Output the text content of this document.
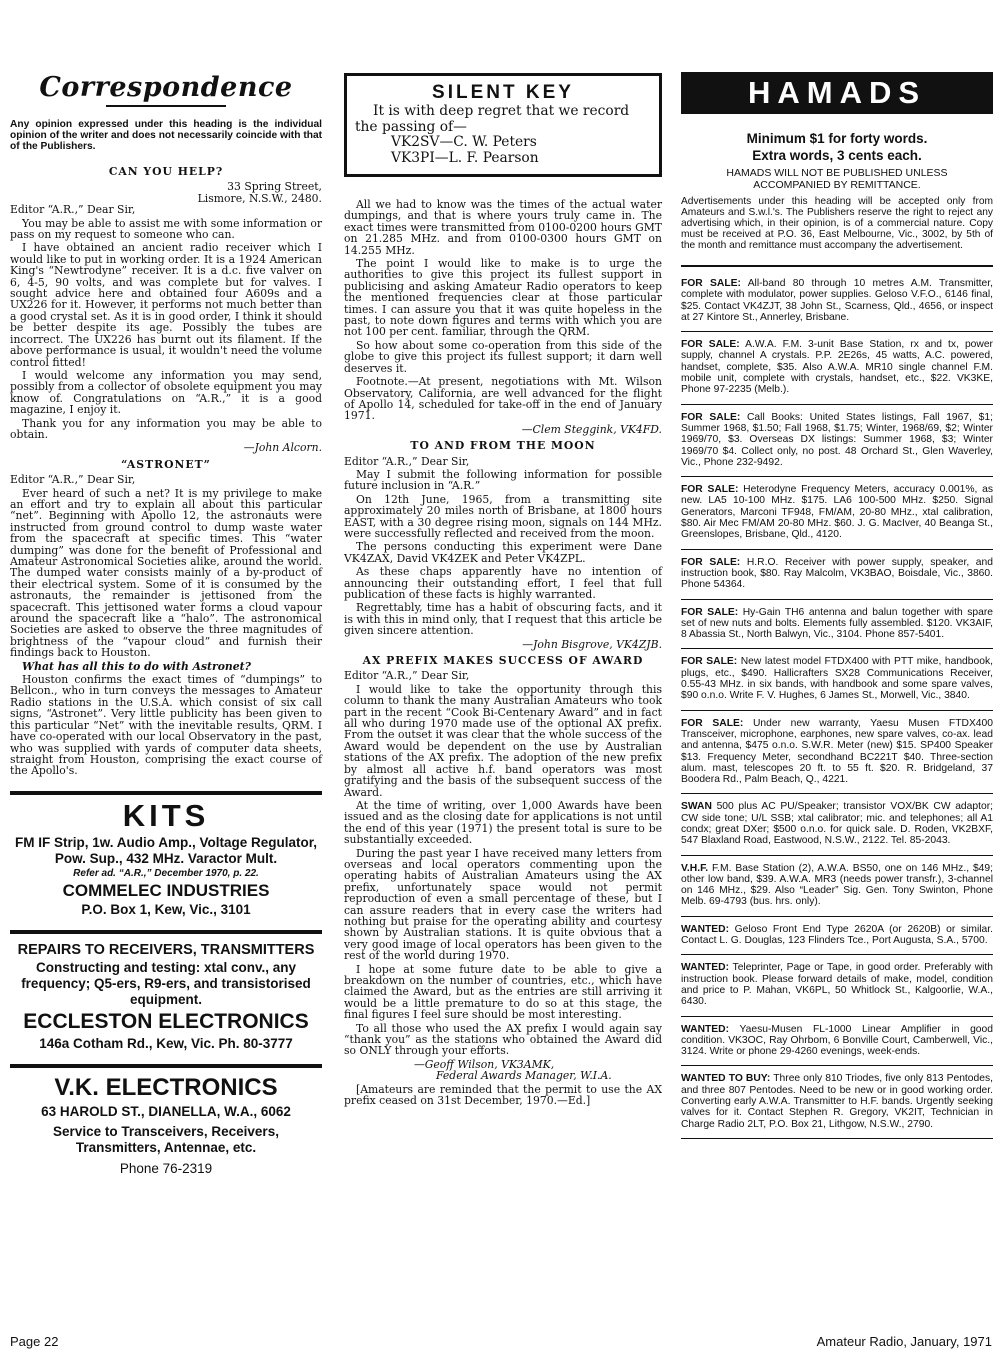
Correspondence
Any opinion expressed under this heading is the individual opinion of the writer and does not necessarily coincide with that of the Publishers.
CAN YOU HELP?
33 Spring Street,
Lismore, N.S.W., 2480.

Editor “A.R.,” Dear Sir,

You may be able to assist me with some information or pass on my request to someone who can.

I have obtained an ancient radio receiver which I would like to put in working order. It is a 1924 American King's “Newtrodyne” receiver. It is a d.c. five valver on 6, 4-5, 90 volts, and was complete but for valves. I sought advice here and obtained four A609s and a UX226 for it. However, it performs not much better than a good crystal set. As it is in good order, I think it should be better despite its age. Possibly the tubes are incorrect. The UX226 has burnt out its filament. If the above performance is usual, it wouldn't need the volume control fitted!

I would welcome any information you may send, possibly from a collector of obsolete equipment you may know of. Congratulations on “A.R.,” it is a good magazine, I enjoy it.

Thank you for any information you may be able to obtain.

—John Alcorn.
“ASTRONET”

Editor “A.R.,” Dear Sir,

Ever heard of such a net? It is my privilege to make an effort and try to explain all about this particular “net”. Beginning with Apollo 12, the astronauts were instructed from ground control to dump waste water from the spacecraft at specific times. This “water dumping” was done for the benefit of Professional and Amateur Astronomical Societies alike, around the world. The dumped water consists mainly of a by-product of their electrical system. Some of it is consumed by the astronauts, the remainder is jettisoned from the spacecraft. This jettisoned water forms a cloud vapour around the spacecraft like a “halo”. The astronomical Societies are asked to observe the three magnitudes of brightness of the “vapour cloud” and furnish their findings back to Houston.

What has all this to do with Astronet?

Houston confirms the exact times of “dumpings” to Bellcon., who in turn conveys the messages to Amateur Radio stations in the U.S.A. which consist of six call signs, “Astronet”. Very little publicity has been given to this particular “Net” with the inevitable results, QRM. I have co-operated with our local Observatory in the past, who was supplied with yards of computer data sheets, straight from Houston, comprising the exact course of the Apollo's.

KITS
FM IF Strip, 1w. Audio Amp., Voltage Regulator, Pow. Sup., 432 MHz. Varactor Mult.
Refer ad. “A.R.,” December 1970, p. 22.
COMMELEC INDUSTRIES
P.O. Box 1, Kew, Vic., 3101
REPAIRS TO RECEIVERS, TRANSMITTERS
Constructing and testing: xtal conv., any frequency; Q5-ers, R9-ers, and transistorised equipment.
ECCLESTON ELECTRONICS
146a Cotham Rd., Kew, Vic. Ph. 80-3777
V.K. ELECTRONICS
63 HAROLD ST., DIANELLA, W.A., 6062
Service to Transceivers, Receivers, Transmitters, Antennae, etc.
Phone 76-2319
SILENT KEY
It is with deep regret that we record the passing of—
VK2SV—C. W. Peters
VK3PI—L. F. Pearson

All we had to know was the times of the actual water dumpings, and that is where yours truly came in. The exact times were transmitted from 0100-0200 hours GMT on 21.285 MHz. and from 0100-0300 hours GMT on 14.255 MHz.

The point I would like to make is to urge the authorities to give this project its fullest support in publicising and asking Amateur Radio operators to keep the mentioned frequencies clear at those particular times. I can assure you that it was quite hopeless in the past, to note down figures and terms with which you are not 100 per cent. familiar, through the QRM.

So how about some co-operation from this side of the globe to give this project its fullest support; it darn well deserves it.

Footnote.—At present, negotiations with Mt. Wilson Observatory, California, are well advanced for the flight of Apollo 14, scheduled for take-off in the end of January 1971.

—Clem Steggink, VK4FD.
TO AND FROM THE MOON

Editor “A.R.,” Dear Sir,

May I submit the following information for possible future inclusion in “A.R.”

On 12th June, 1965, from a transmitting site approximately 20 miles north of Brisbane, at 1800 hours EAST, with a 30 degree rising moon, signals on 144 MHz. were successfully reflected and received from the moon.

The persons conducting this experiment were Dane VK4ZAX, David VK4ZEK and Peter VK4ZPL.

As these chaps apparently have no intention of announcing their outstanding effort, I feel that full publication of these facts is highly warranted.

Regrettably, time has a habit of obscuring facts, and it is with this in mind only, that I request that this article be given sincere attention.

—John Bisgrove, VK4ZJB.
AX PREFIX MAKES SUCCESS OF AWARD

Editor “A.R.,” Dear Sir,

I would like to take the opportunity through this column to thank the many Australian Amateurs who took part in the recent “Cook Bi-Centenary Award” and in fact all who during 1970 made use of the optional AX prefix. From the outset it was clear that the whole success of the Award would be dependent on the use by Australian stations of the AX prefix. The adoption of the new prefix by almost all active h.f. band operators was most gratifying and the basis of the subsequent success of the Award.

At the time of writing, over 1,000 Awards have been issued and as the closing date for applications is not until the end of this year (1971) the present total is sure to be substantially exceeded.

During the past year I have received many letters from overseas and local operators commenting upon the operating habits of Australian Amateurs using the AX prefix, unfortunately space would not permit reproduction of even a small percentage of these, but I can assure readers that in every case the writers had nothing but praise for the operating ability and courtesy shown by Australian stations. It is quite obvious that a very good image of local operators has been given to the rest of the world during 1970.

I hope at some future date to be able to give a breakdown on the number of countries, etc., which have claimed the Award, but as the entries are still arriving it would be a little premature to do so at this stage, the final figures I feel sure should be most interesting.

To all those who used the AX prefix I would again say “thank you” as the stations who obtained the Award did so ONLY through your efforts.

—Geoff Wilson, VK3AMK,
Federal Awards Manager, W.I.A.

[Amateurs are reminded that the permit to use the AX prefix ceased on 31st December, 1970.—Ed.]

HAMADS
Minimum $1 for forty words.
Extra words, 3 cents each.
HAMADS WILL NOT BE PUBLISHED UNLESS
ACCOMPANIED BY REMITTANCE.
Advertisements under this heading will be accepted only from Amateurs and S.w.l.'s. The Publishers reserve the right to reject any advertising which, in their opinion, is of a commercial nature. Copy must be received at P.O. 36, East Melbourne, Vic., 3002, by 5th of the month and remittance must accompany the advertisement.
FOR SALE: All-band 80 through 10 metres A.M. Transmitter, complete with modulator, power supplies. Geloso V.F.O., 6146 final, $25. Contact VK4ZJT, 38 John St., Scarness, Qld., 4656, or inspect at 27 Kintore St., Annerley, Brisbane.
FOR SALE: A.W.A. F.M. 3-unit Base Station, rx and tx, power supply, channel A crystals. P.P. 2E26s, 45 watts, A.C. powered, handset, complete, $35. Also A.W.A. MR10 single channel F.M. mobile unit, complete with crystals, handset, etc., $22. VK3KE, Phone 97-2235 (Melb.).
FOR SALE: Call Books: United States listings, Fall 1967, $1; Summer 1968, $1.50; Fall 1968, $1.75; Winter, 1968/69, $2; Winter 1969/70, $3. Overseas DX listings: Summer 1968, $3; Winter 1969/70 $4. Collect only, no post. 48 Orchard St., Glen Waverley, Vic., Phone 232-9492.
FOR SALE: Heterodyne Frequency Meters, accuracy 0.001%, as new. LA5 10-100 MHz. $175. LA6 100-500 MHz. $250. Signal Generators, Marconi TF948, FM/AM, 20-80 MHz., xtal calibration, $80. Air Mec FM/AM 20-80 MHz. $60. J. G. MacIver, 40 Beanga St., Greenslopes, Brisbane, Qld., 4120.
FOR SALE: H.R.O. Receiver with power supply, speaker, and instruction book, $80. Ray Malcolm, VK3BAO, Boisdale, Vic., 3860. Phone 54364.
FOR SALE: Hy-Gain TH6 antenna and balun together with spare set of new nuts and bolts. Elements fully assembled. $120. VK3AIF, 8 Abassia St., North Balwyn, Vic., 3104. Phone 857-5401.
FOR SALE: New latest model FTDX400 with PTT mike, handbook, plugs, etc., $490. Hallicrafters SX28 Communications Receiver, 0.55-43 MHz. in six bands, with handbook and some spare valves, $90 o.n.o. Write F. V. Hughes, 6 James St., Morwell, Vic., 3840.
FOR SALE: Under new warranty, Yaesu Musen FTDX400 Transceiver, microphone, earphones, new spare valves, co-ax. lead and antenna, $475 o.n.o. S.W.R. Meter (new) $15. SP400 Speaker $13. Frequency Meter, secondhand BC221T $40. Three-section alum. mast, telescopes 20 ft. to 55 ft. $20. R. Bridgeland, 37 Boodera Rd., Palm Beach, Q., 4221.
SWAN 500 plus AC PU/Speaker; transistor VOX/BK CW adaptor; CW side tone; U/L SSB; xtal calibrator; mic. and telephones; all A1 condx; great DXer; $500 o.n.o. for quick sale. D. Roden, VK2BXF, 547 Blaxland Road, Eastwood, N.S.W., 2122. Tel. 85-2043.
V.H.F. F.M. Base Station (2), A.W.A. BS50, one on 146 MHz., $49; other low band, $39. A.W.A. MR3 (needs power transfr.), 3-channel on 146 MHz., $29. Also “Leader” Sig. Gen. Tony Swinton, Phone Melb. 69-4793 (bus. hrs. only).
WANTED: Geloso Front End Type 2620A (or 2620B) or similar. Contact L. G. Douglas, 123 Flinders Tce., Port Augusta, S.A., 5700.
WANTED: Teleprinter, Page or Tape, in good order. Preferably with instruction book. Please forward details of make, model, condition and price to P. Mahan, VK6PL, 50 Whitlock St., Kalgoorlie, W.A., 6430.
WANTED: Yaesu-Musen FL-1000 Linear Amplifier in good condition. VK3OC, Ray Ohrbom, 6 Bonville Court, Camberwell, Vic., 3124. Write or phone 29-4260 evenings, week-ends.
WANTED TO BUY: Three only 810 Triodes, five only 813 Pentodes, and three 807 Pentodes. Need to be new or in good working order. Converting early A.W.A. Transmitter to H.F. bands. Urgently seeking valves for it. Contact Stephen R. Gregory, VK2IT, Technician in Charge Radio 2LT, P.O. Box 21, Lithgow, N.S.W., 2790.
Page 22	Amateur Radio, January, 1971
